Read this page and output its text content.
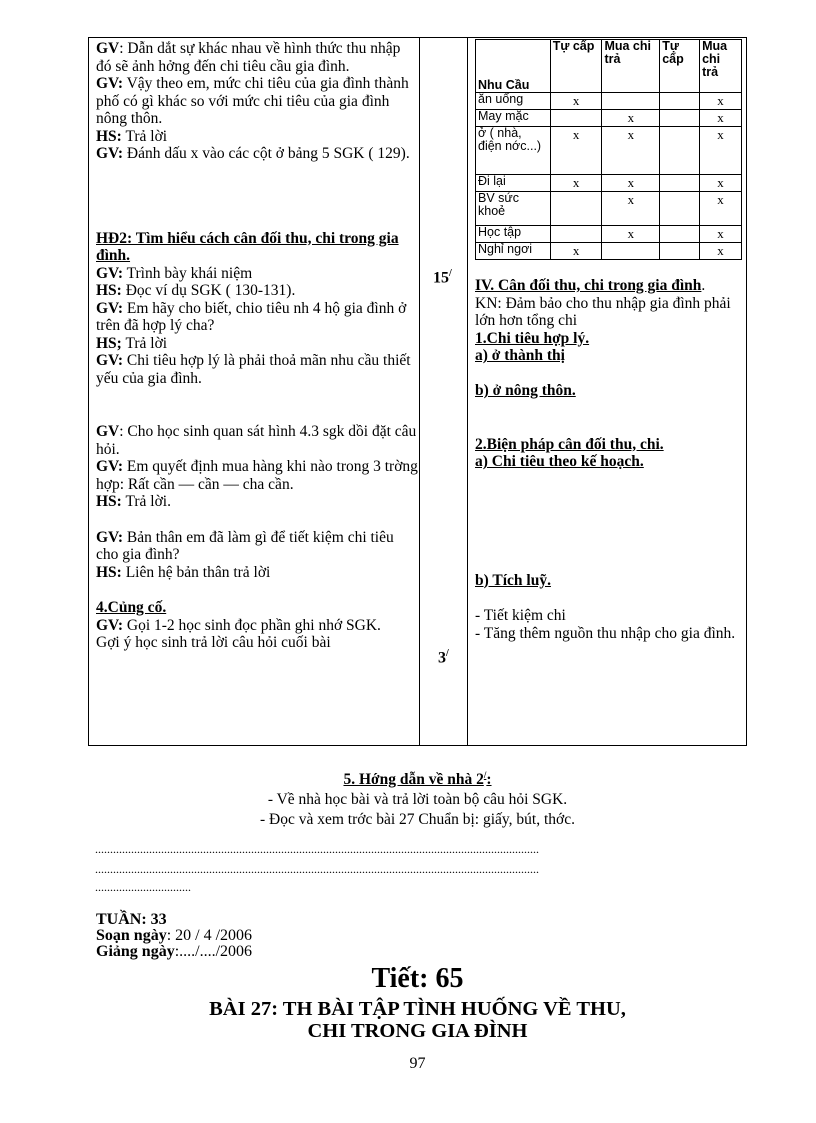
GV: Dẫn dắt sự khác nhau về hình thức thu nhập đó sẽ ảnh hởng đến chi tiêu cầu gia đình.

GV: Vậy theo em, mức chi tiêu của gia đình thành phố có gì khác so với mức chi tiêu của gia đình nông thôn.

HS: Trả lời

GV: Đánh dấu x vào các cột ở bảng 5 SGK ( 129).

HĐ2: Tìm hiểu cách cân đối thu, chi trong gia đình.

GV: Trình bày khái niệm

HS: Đọc ví dụ SGK ( 130-131).

GV: Em hãy cho biết, chio tiêu nh 4 hộ gia đình ở trên đã hợp lý cha?

HS; Trả lời

GV: Chi tiêu hợp lý là phải thoả mãn nhu cầu thiết yếu của gia đình.

GV: Cho học sinh quan sát hình 4.3 sgk dồi đặt câu hỏi.

GV: Em quyết định mua hàng khi nào trong 3 trờng hợp: Rất cần — cần — cha cần.

HS: Trả lời.

GV: Bản thân em đã làm gì để tiết kiệm chi tiêu cho gia đình?

HS: Liên hệ bản thân trả lời

4.Củng cố.

GV: Gọi 1-2 học sinh đọc phần ghi nhớ SGK.

Gợi ý học sinh trả lời câu hỏi cuối bài

15/
3/
Nhu Cầu	Tự cấp	Mua chi trả	Tự cấp	Mua chi trả
ăn uống	x			x
May mặc		x		x
ở ( nhà, điện nớc...)	x	x		x
Đi lại	x	x		x
BV sức khoẻ		x		x
Học tập		x		x
Nghỉ ngơi	x			x

IV. Cân đối thu, chi trong gia đình.

KN: Đảm bảo cho thu nhập gia đình phải lớn hơn tổng chi

1.Chi tiêu hợp lý.

a) ở thành thị

b) ở nông thôn.

2.Biện pháp cân đối thu, chi.

a) Chi tiêu theo kế hoạch.

b) Tích luỹ.

- Tiết kiệm chi

- Tăng thêm nguồn thu nhập cho gia đình.

5. Hớng dẫn về nhà 2/:

- Về nhà học bài và trả lời toàn bộ câu hỏi SGK.

- Đọc và xem trớc bài 27 Chuẩn bị: giấy, bút, thớc.

....................................................................................................................................................
....................................................................................................................................................
................................
TUẦN: 33
Soạn ngày: 20 / 4 /2006
Giảng ngày:..../..../2006
Tiết: 65
BÀI 27: TH BÀI TẬP TÌNH HUỐNG VỀ THU,
CHI TRONG GIA ĐÌNH
97
